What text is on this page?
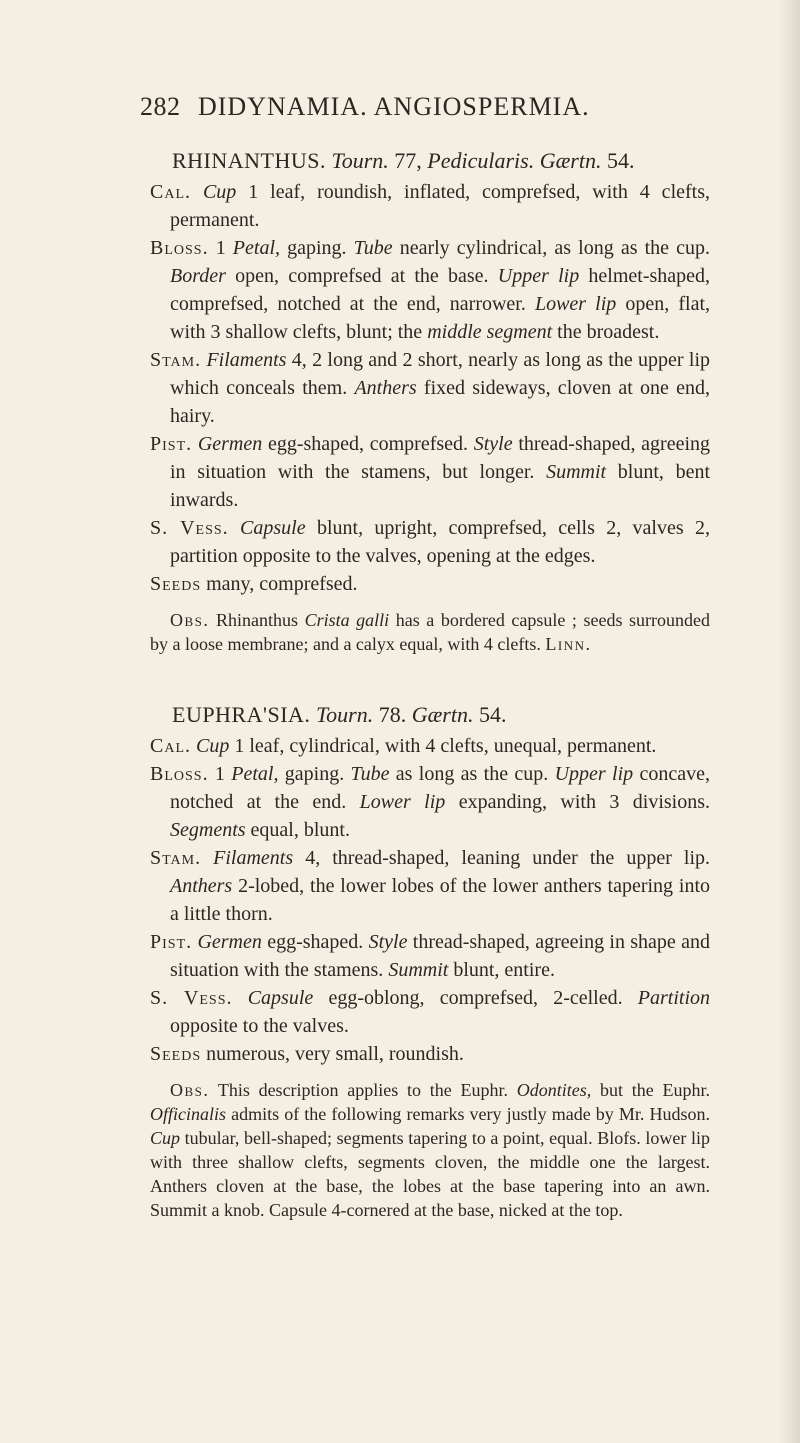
282 DIDYNAMIA. ANGIOSPERMIA.
RHINANTHUS. Tourn. 77, Pedicularis. Gærtn. 54.

Cal. Cup 1 leaf, roundish, inflated, comprefsed, with 4 clefts, permanent.

Bloss. 1 Petal, gaping. Tube nearly cylindrical, as long as the cup. Border open, comprefsed at the base. Upper lip helmet-shaped, comprefsed, notched at the end, narrower. Lower lip open, flat, with 3 shallow clefts, blunt; the middle segment the broadest.

Stam. Filaments 4, 2 long and 2 short, nearly as long as the upper lip which conceals them. Anthers fixed sideways, cloven at one end, hairy.

Pist. Germen egg-shaped, comprefsed. Style thread-shaped, agreeing in situation with the stamens, but longer. Summit blunt, bent inwards.

S. Vess. Capsule blunt, upright, comprefsed, cells 2, valves 2, partition opposite to the valves, opening at the edges.

Seeds many, comprefsed.

Obs. Rhinanthus Crista galli has a bordered capsule ; seeds surrounded by a loose membrane; and a calyx equal, with 4 clefts. Linn.

EUPHRA'SIA. Tourn. 78. Gærtn. 54.

Cal. Cup 1 leaf, cylindrical, with 4 clefts, unequal, permanent.

Bloss. 1 Petal, gaping. Tube as long as the cup. Upper lip concave, notched at the end. Lower lip expanding, with 3 divisions. Segments equal, blunt.

Stam. Filaments 4, thread-shaped, leaning under the upper lip. Anthers 2-lobed, the lower lobes of the lower anthers tapering into a little thorn.

Pist. Germen egg-shaped. Style thread-shaped, agreeing in shape and situation with the stamens. Summit blunt, entire.

S. Vess. Capsule egg-oblong, comprefsed, 2-celled. Partition opposite to the valves.

Seeds numerous, very small, roundish.

Obs. This description applies to the Euphr. Odontites, but the Euphr. Officinalis admits of the following remarks very justly made by Mr. Hudson. Cup tubular, bell-shaped; segments tapering to a point, equal. Blofs. lower lip with three shallow clefts, segments cloven, the middle one the largest. Anthers cloven at the base, the lobes at the base tapering into an awn. Summit a knob. Capsule 4-cornered at the base, nicked at the top.
